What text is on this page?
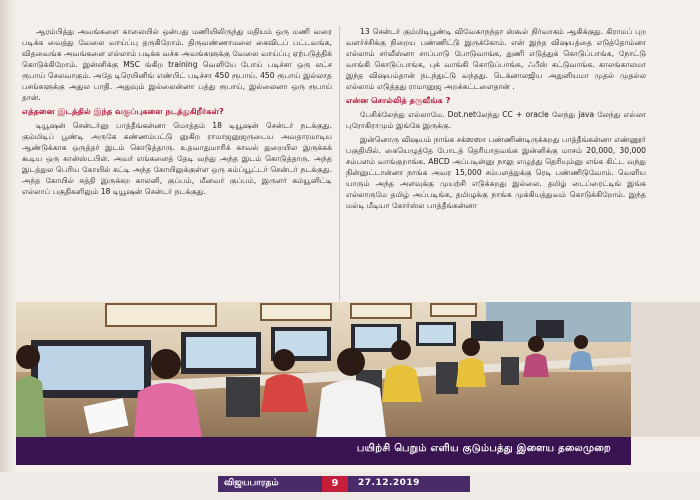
ஆரம்பித்து அவங்களை காலையில் ஒன்பது மணியிலிருந்து மதியம் ஒரு மணி வரை படிக்க வைத்து வேலை வாய்ப்பு தருகிறோம். திருவண்ணாமலை கைவிடப் பட்டவங்க, விதவைங்க அவங்களை எல்லாம் படிக்க வச்சு அவங்களுக்கு வேலை வாய்ப்பு ஏற்படுத்திக் கொடுக்கிறோம். இன்னிக்கு MSC ங்கிற training வெளியே போய் படிச்சா ஒரு லட்ச ரூபாய் செலவாகும். அதே டிரெயினிங் எண்பிட் படிச்சா 450 ரூபாய். 450 ரூபாய் இல்லாத பசங்களுக்கு அதுல பாதி. அதுவும் இல்லைன்னா பத்து ரூபாய், இல்லைனா ஒரு ரூபாய் தான்.

எத்தனை இடத்தில் இந்த வகுப்புகளை நடத்துகிறீர்கள்?

டியூஷன் சென்டர்னு பாத்தீங்கன்னா மொத்தம் 18 டியூஷன் சென்டர் நடக்குது. கும்மிடிப் பூண்டி அருகே கண்ணம்பட்டு னுகிற ராமாஜனுஜருடைய அவதாரமாடிய ஆண்டுக்காக ஒருத்தர் இடம் கொடுத்தாரு. உதவாதுமாரிக் காவல் துறையில இருக்கக் கூடிய ஒரு கான்ஸ்டபிள். அவர் எங்களைத் தேடி வந்து அந்த இடம் கொடுத்தாரு. அந்த இடத்துல பெரிய கோயில் கட்டி அந்த கோயிலுக்குள்ள ஒரு கம்ப்யூட்டர் சென்டர் நடக்குது. அந்த கோயில் சுத்தி இருக்கற காலனி, குப்பம், மீனவர் குப்பம், இருளர் கம்யூனிட்டி எல்லாப் பகுதிகளிலும் 18 டியூஷன் சென்டர் நடக்குது.

13 சென்டர் கும்மிடிபூண்டி விவேகாநந்தா ஸ்கூல் நிர்வாகம் ஆகிக்குது. கிராமப் புற வளர்ச்சிக்கு நிறைய பண்ணிட்டு இருக்கோம். என் இந்த விஷயத்தை எடுத்தோம்னா எல்லாம் சர்வீஸ்னா சாப்பாடு போடுவாங்க, துணி எடுத்துக் கொடுப்பாங்க, நோட்டு வாங்கி கொடுப்பாங்க, புக் வாங்கி கொடுப்பாங்க, ஃபீஸ் கட்டுவாங்க. காலங்காலமா இந்த விஷயம்தான் நடந்துட்டு வந்தது. டெக்னாலஜிய அதுனியமா முதல் முதல்ல எல்லாம் எடுத்தது ராமானுஜ அறக்கட்டளைதான் .

என்ன சொல்லித் தருவீங்க ?

பேசிக்லேந்து எல்லாமே. Dot.netலேந்து CC + oracle லேந்து java லேந்து எல்லா புரோகிராமும் இங்கே இருக்கு.

இன்னொரு விஷயம் நாங்க சக்ஸஸா பண்ணிண்டிருக்கறது பாத்தீங்கன்னா எண்ணூர் பகுதியில். கையெழுத்தே போடத் தெரியாதவங்க இன்னிக்கு மாசம் 20,000, 30,000 சம்பளம் வாங்குறாங்க. ABCD அப்படின்னு நாலு எழுத்து தெரியும்னு எங்க கிட்ட வந்து நின்னுட்டான்னா நாங்க அவர 15,000 சம்பளத்துக்கு ரெடி பண்ணிடுவோம். வெளிய யாரும் அந்த அளவுக்கு முயற்சி எடுக்கறது இல்லை. தமிழ் டைப்ரைட்டிங் இங்க எல்லாருமே தமிழ் அப்படிங்க, தமிழுக்கு நாங்க முக்கியத்துவம் கொடுக்கிறோம். இந்த மல்டி மீடியா கோர்ஸ்ல பாத்தீங்கன்னா

பயிற்சி பெறும் எளிய குடும்பத்து இளைய தலைமுறை
விஜயபாரதம்	9	27.12.2019
